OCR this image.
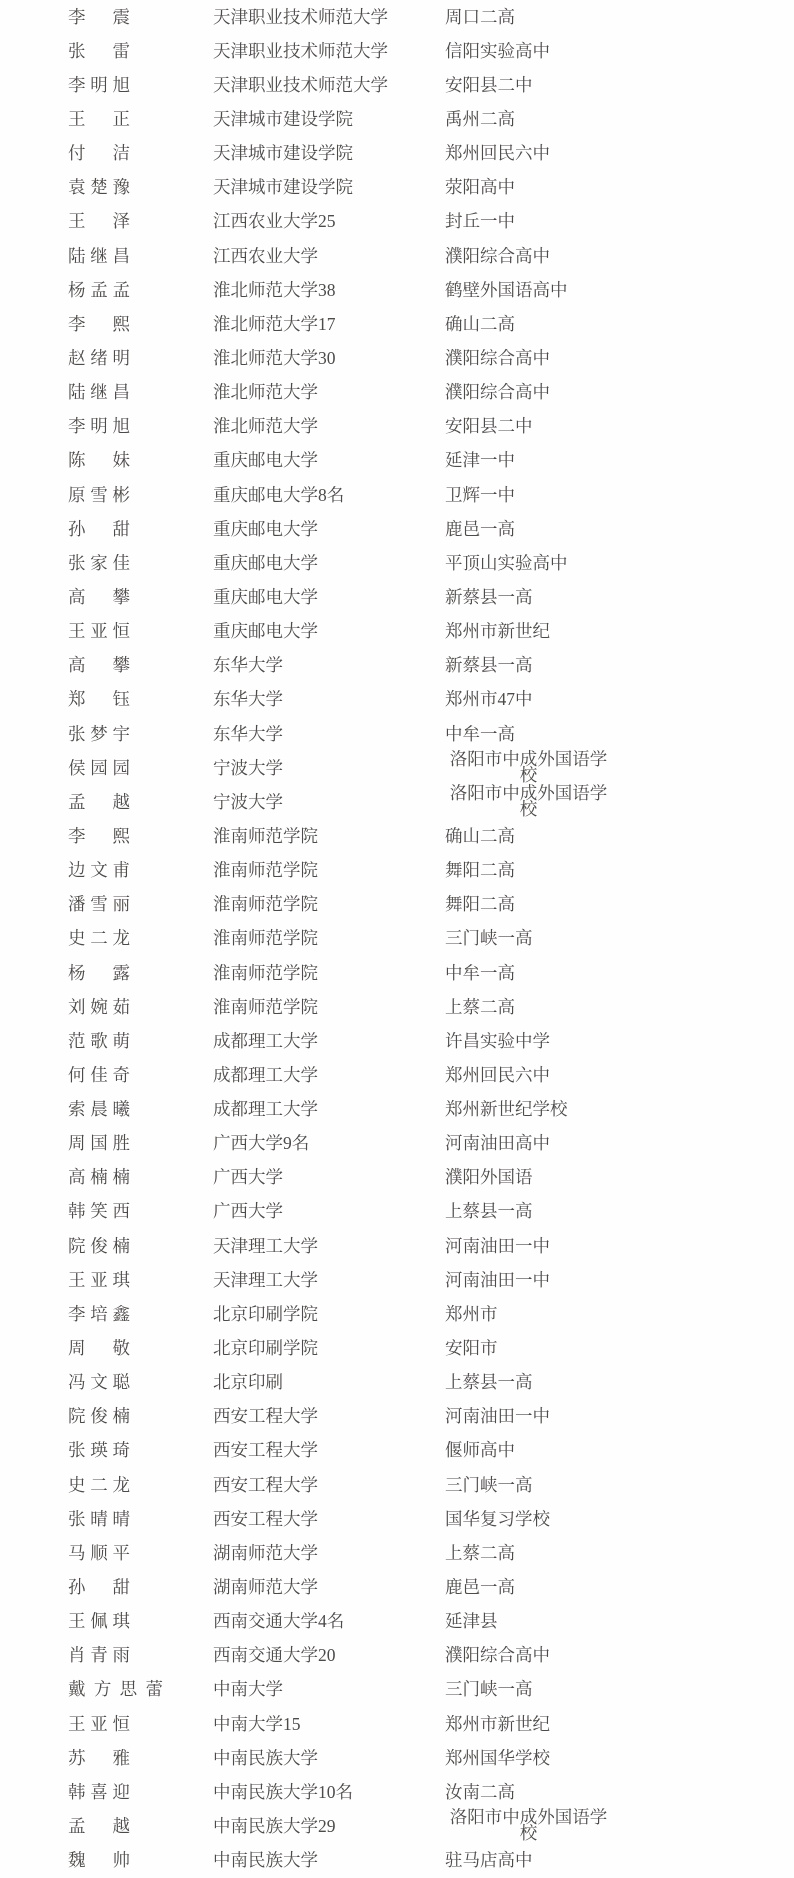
李震	天津职业技术师范大学	周口二高
张雷	天津职业技术师范大学	信阳实验高中
李明旭	天津职业技术师范大学	安阳县二中
王正	天津城市建设学院	禹州二高
付洁	天津城市建设学院	郑州回民六中
袁楚豫	天津城市建设学院	荥阳高中
王泽	江西农业大学25	封丘一中
陆继昌	江西农业大学	濮阳综合高中
杨孟孟	淮北师范大学38	鹤壁外国语高中
李熙	淮北师范大学17	确山二高
赵绪明	淮北师范大学30	濮阳综合高中
陆继昌	淮北师范大学	濮阳综合高中
李明旭	淮北师范大学	安阳县二中
陈妹	重庆邮电大学	延津一中
原雪彬	重庆邮电大学8名	卫辉一中
孙甜	重庆邮电大学	鹿邑一高
张家佳	重庆邮电大学	平顶山实验高中
高攀	重庆邮电大学	新蔡县一高
王亚恒	重庆邮电大学	郑州市新世纪
高攀	东华大学	新蔡县一高
郑钰	东华大学	郑州市47中
张梦宇	东华大学	中牟一高
侯园园	宁波大学	洛阳市中成外国语学校
孟越	宁波大学	洛阳市中成外国语学校
李熙	淮南师范学院	确山二高
边文甫	淮南师范学院	舞阳二高
潘雪丽	淮南师范学院	舞阳二高
史二龙	淮南师范学院	三门峡一高
杨露	淮南师范学院	中牟一高
刘婉茹	淮南师范学院	上蔡二高
范歌萌	成都理工大学	许昌实验中学
何佳奇	成都理工大学	郑州回民六中
索晨曦	成都理工大学	郑州新世纪学校
周国胜	广西大学9名	河南油田高中
高楠楠	广西大学	濮阳外国语
韩笑西	广西大学	上蔡县一高
院俊楠	天津理工大学	河南油田一中
王亚琪	天津理工大学	河南油田一中
李培鑫	北京印刷学院	郑州市
周敬	北京印刷学院	安阳市
冯文聪	北京印刷	上蔡县一高
院俊楠	西安工程大学	河南油田一中
张瑛琦	西安工程大学	偃师高中
史二龙	西安工程大学	三门峡一高
张晴晴	西安工程大学	国华复习学校
马顺平	湖南师范大学	上蔡二高
孙甜	湖南师范大学	鹿邑一高
王佩琪	西南交通大学4名	延津县
肖青雨	西南交通大学20	濮阳综合高中
戴方思蕾	中南大学	三门峡一高
王亚恒	中南大学15	郑州市新世纪
苏雅	中南民族大学	郑州国华学校
韩喜迎	中南民族大学10名	汝南二高
孟越	中南民族大学29	洛阳市中成外国语学校
魏帅	中南民族大学	驻马店高中
